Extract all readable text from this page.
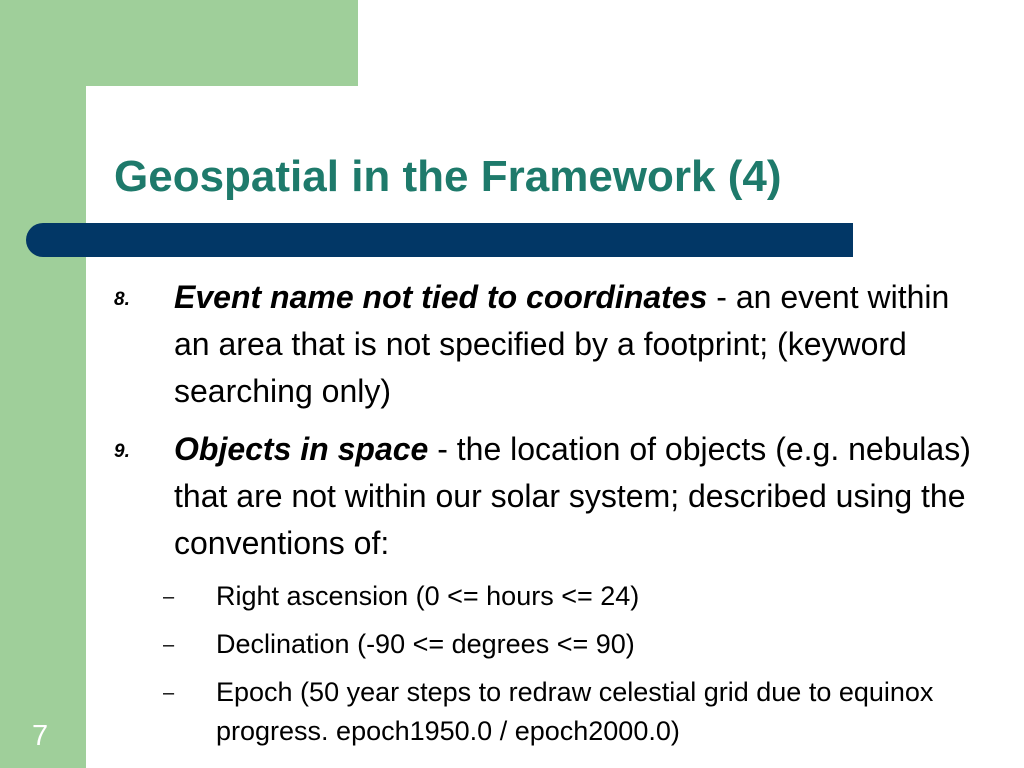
Geospatial in the Framework (4)
8. Event name not tied to coordinates - an event within an area that is not specified by a footprint; (keyword searching only)
9. Objects in space - the location of objects (e.g. nebulas) that are not within our solar system; described using the conventions of:
– Right ascension (0 <= hours <= 24)
– Declination (-90 <= degrees <= 90)
– Epoch (50 year steps to redraw celestial grid due to equinox progress. epoch1950.0 / epoch2000.0)
7
